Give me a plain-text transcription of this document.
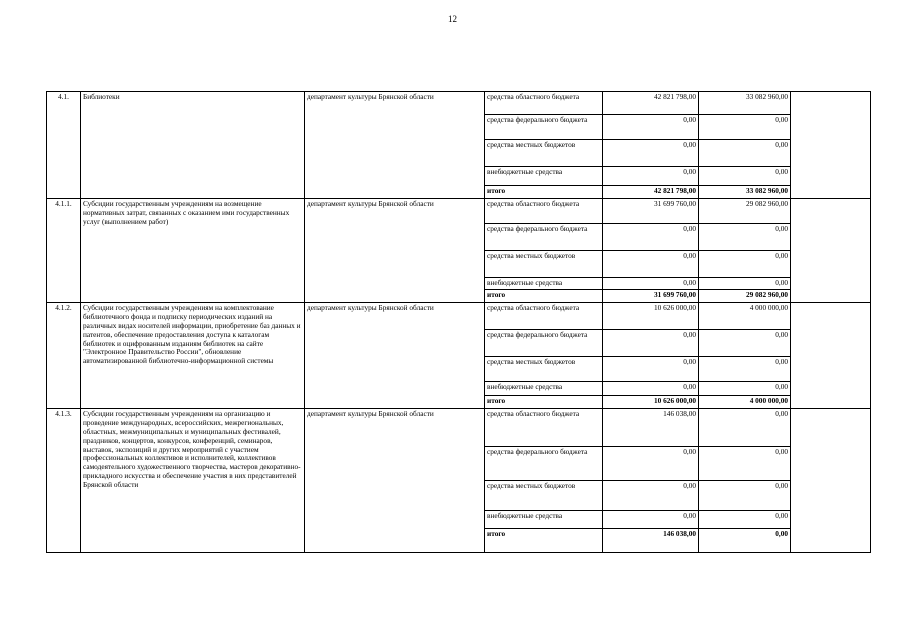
12
4.1.	Библиотеки	департамент культуры Брянской области	средства областного бюджета	42 821 798,00	33 082 960,00	
			средства федерального бюджета	0,00	0,00	
			средства местных бюджетов	0,00	0,00	
			внебюджетные средства	0,00	0,00	
			итого	42 821 798,00	33 082 960,00	
4.1.1.	Субсидии государственным учреждениям на возмещение нормативных затрат, связанных с оказанием ими государственных услуг (выполнением работ)	департамент культуры Брянской области	средства областного бюджета	31 699 760,00	29 082 960,00	
			средства федерального бюджета	0,00	0,00	
			средства местных бюджетов	0,00	0,00	
			внебюджетные средства	0,00	0,00	
			итого	31 699 760,00	29 082 960,00	
4.1.2.	Субсидии государственным учреждениям на комплектование библиотечного фонда и подписку периодических изданий на различных видах носителей информации, приобретение баз данных и патентов, обеспечение предоставления доступа к каталогам библиотек и оцифрованным изданиям библиотек на сайте "Электронное Правительство России", обновление автоматизированной библиотечно-информационной системы	департамент культуры Брянской области	средства областного бюджета	10 626 000,00	4 000 000,00	
			средства федерального бюджета	0,00	0,00	
			средства местных бюджетов	0,00	0,00	
			внебюджетные средства	0,00	0,00	
			итого	10 626 000,00	4 000 000,00	
4.1.3.	Субсидии государственным учреждениям на организацию и проведение международных, всероссийских, межрегиональных, областных, межмуниципальных и муниципальных фестивалей, праздников, концертов, конкурсов, конференций, семинаров, выставок, экспозиций и других мероприятий с участием профессиональных коллективов и исполнителей, коллективов самодеятельного художественного творчества, мастеров декоративно-прикладного искусства и обеспечение участия в них представителей Брянской области	департамент культуры Брянской области	средства областного бюджета	146 038,00	0,00	
			средства федерального бюджета	0,00	0,00	
			средства местных бюджетов	0,00	0,00	
			внебюджетные средства	0,00	0,00	
			итого	146 038,00	0,00	
